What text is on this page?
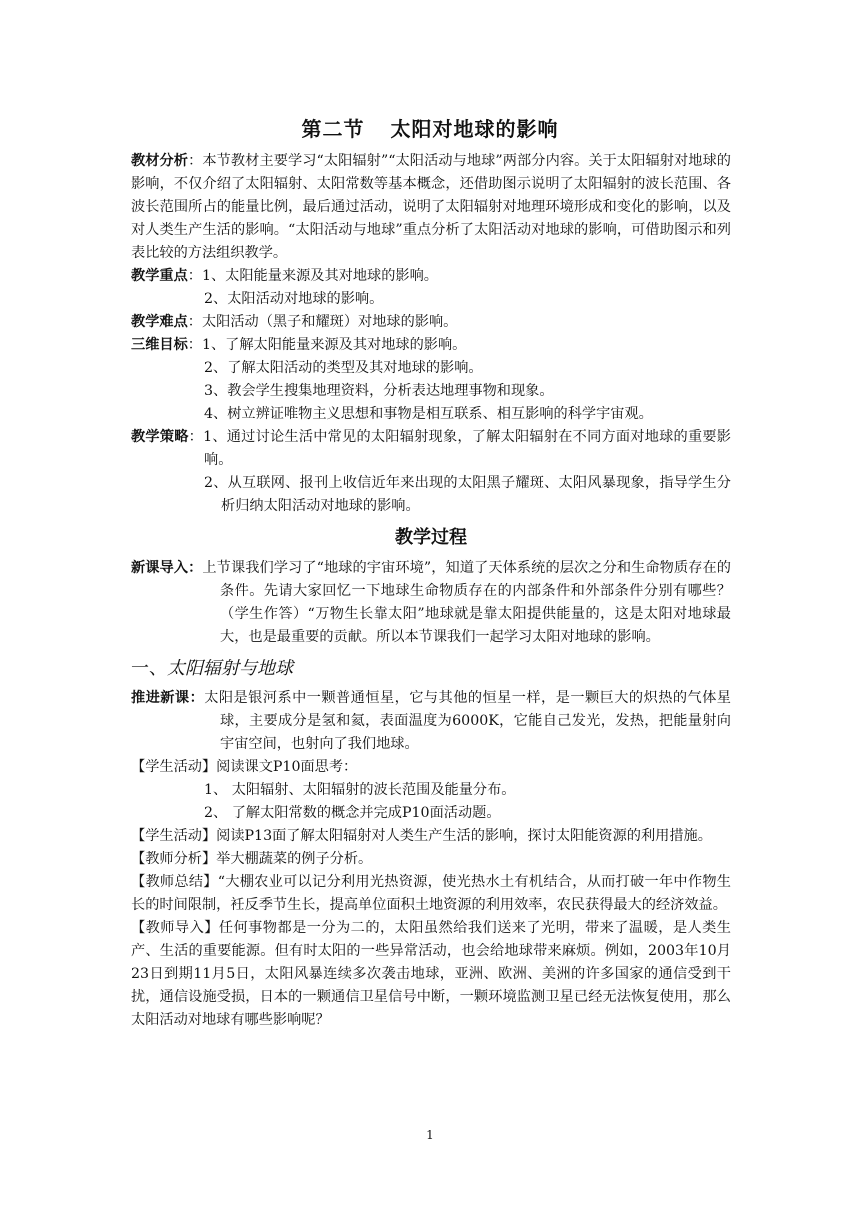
第二节 太阳对地球的影响

教材分析：本节教材主要学习“太阳辐射”“太阳活动与地球”两部分内容。关于太阳辐射对地球的影响，不仅介绍了太阳辐射、太阳常数等基本概念，还借助图示说明了太阳辐射的波长范围、各波长范围所占的能量比例，最后通过活动，说明了太阳辐射对地理环境形成和变化的影响，以及对人类生产生活的影响。“太阳活动与地球”重点分析了太阳活动对地球的影响，可借助图示和列表比较的方法组织教学。

教学重点：1、太阳能量来源及其对地球的影响。

2、太阳活动对地球的影响。

教学难点：太阳活动（黑子和耀斑）对地球的影响。

三维目标：1、了解太阳能量来源及其对地球的影响。

2、了解太阳活动的类型及其对地球的影响。

3、教会学生搜集地理资料，分析表达地理事物和现象。

4、树立辨证唯物主义思想和事物是相互联系、相互影响的科学宇宙观。

教学策略：1、通过讨论生活中常见的太阳辐射现象，了解太阳辐射在不同方面对地球的重要影响。

2、从互联网、报刊上收信近年来出现的太阳黑子耀斑、太阳风暴现象，指导学生分析归纳太阳活动对地球的影响。

教学过程

新课导入：上节课我们学习了“地球的宇宙环境”，知道了天体系统的层次之分和生命物质存在的条件。先请大家回忆一下地球生命物质存在的内部条件和外部条件分别有哪些？（学生作答）“万物生长靠太阳”地球就是靠太阳提供能量的，这是太阳对地球最大，也是最重要的贡献。所以本节课我们一起学习太阳对地球的影响。

一、太阳辐射与地球

推进新课：太阳是银河系中一颗普通恒星，它与其他的恒星一样，是一颗巨大的炽热的气体星球，主要成分是氢和氦，表面温度为6000K，它能自己发光，发热，把能量射向宇宙空间，也射向了我们地球。

【学生活动】阅读课文P10面思考：

1、 太阳辐射、太阳辐射的波长范围及能量分布。

2、 了解太阳常数的概念并完成P10面活动题。

【学生活动】阅读P13面了解太阳辐射对人类生产生活的影响，探讨太阳能资源的利用措施。

【教师分析】举大棚蔬菜的例子分析。

【教师总结】“大棚农业可以记分利用光热资源，使光热水土有机结合，从而打破一年中作物生长的时间限制，衽反季节生长，提高单位面积土地资源的利用效率，农民获得最大的经济效益。

【教师导入】任何事物都是一分为二的，太阳虽然给我们送来了光明，带来了温暖，是人类生产、生活的重要能源。但有时太阳的一些异常活动，也会给地球带来麻烦。例如，2003年10月23日到期11月5日，太阳风暴连续多次袭击地球，亚洲、欧洲、美洲的许多国家的通信受到干扰，通信设施受损，日本的一颗通信卫星信号中断，一颗环境监测卫星已经无法恢复使用，那么太阳活动对地球有哪些影响呢？

1
